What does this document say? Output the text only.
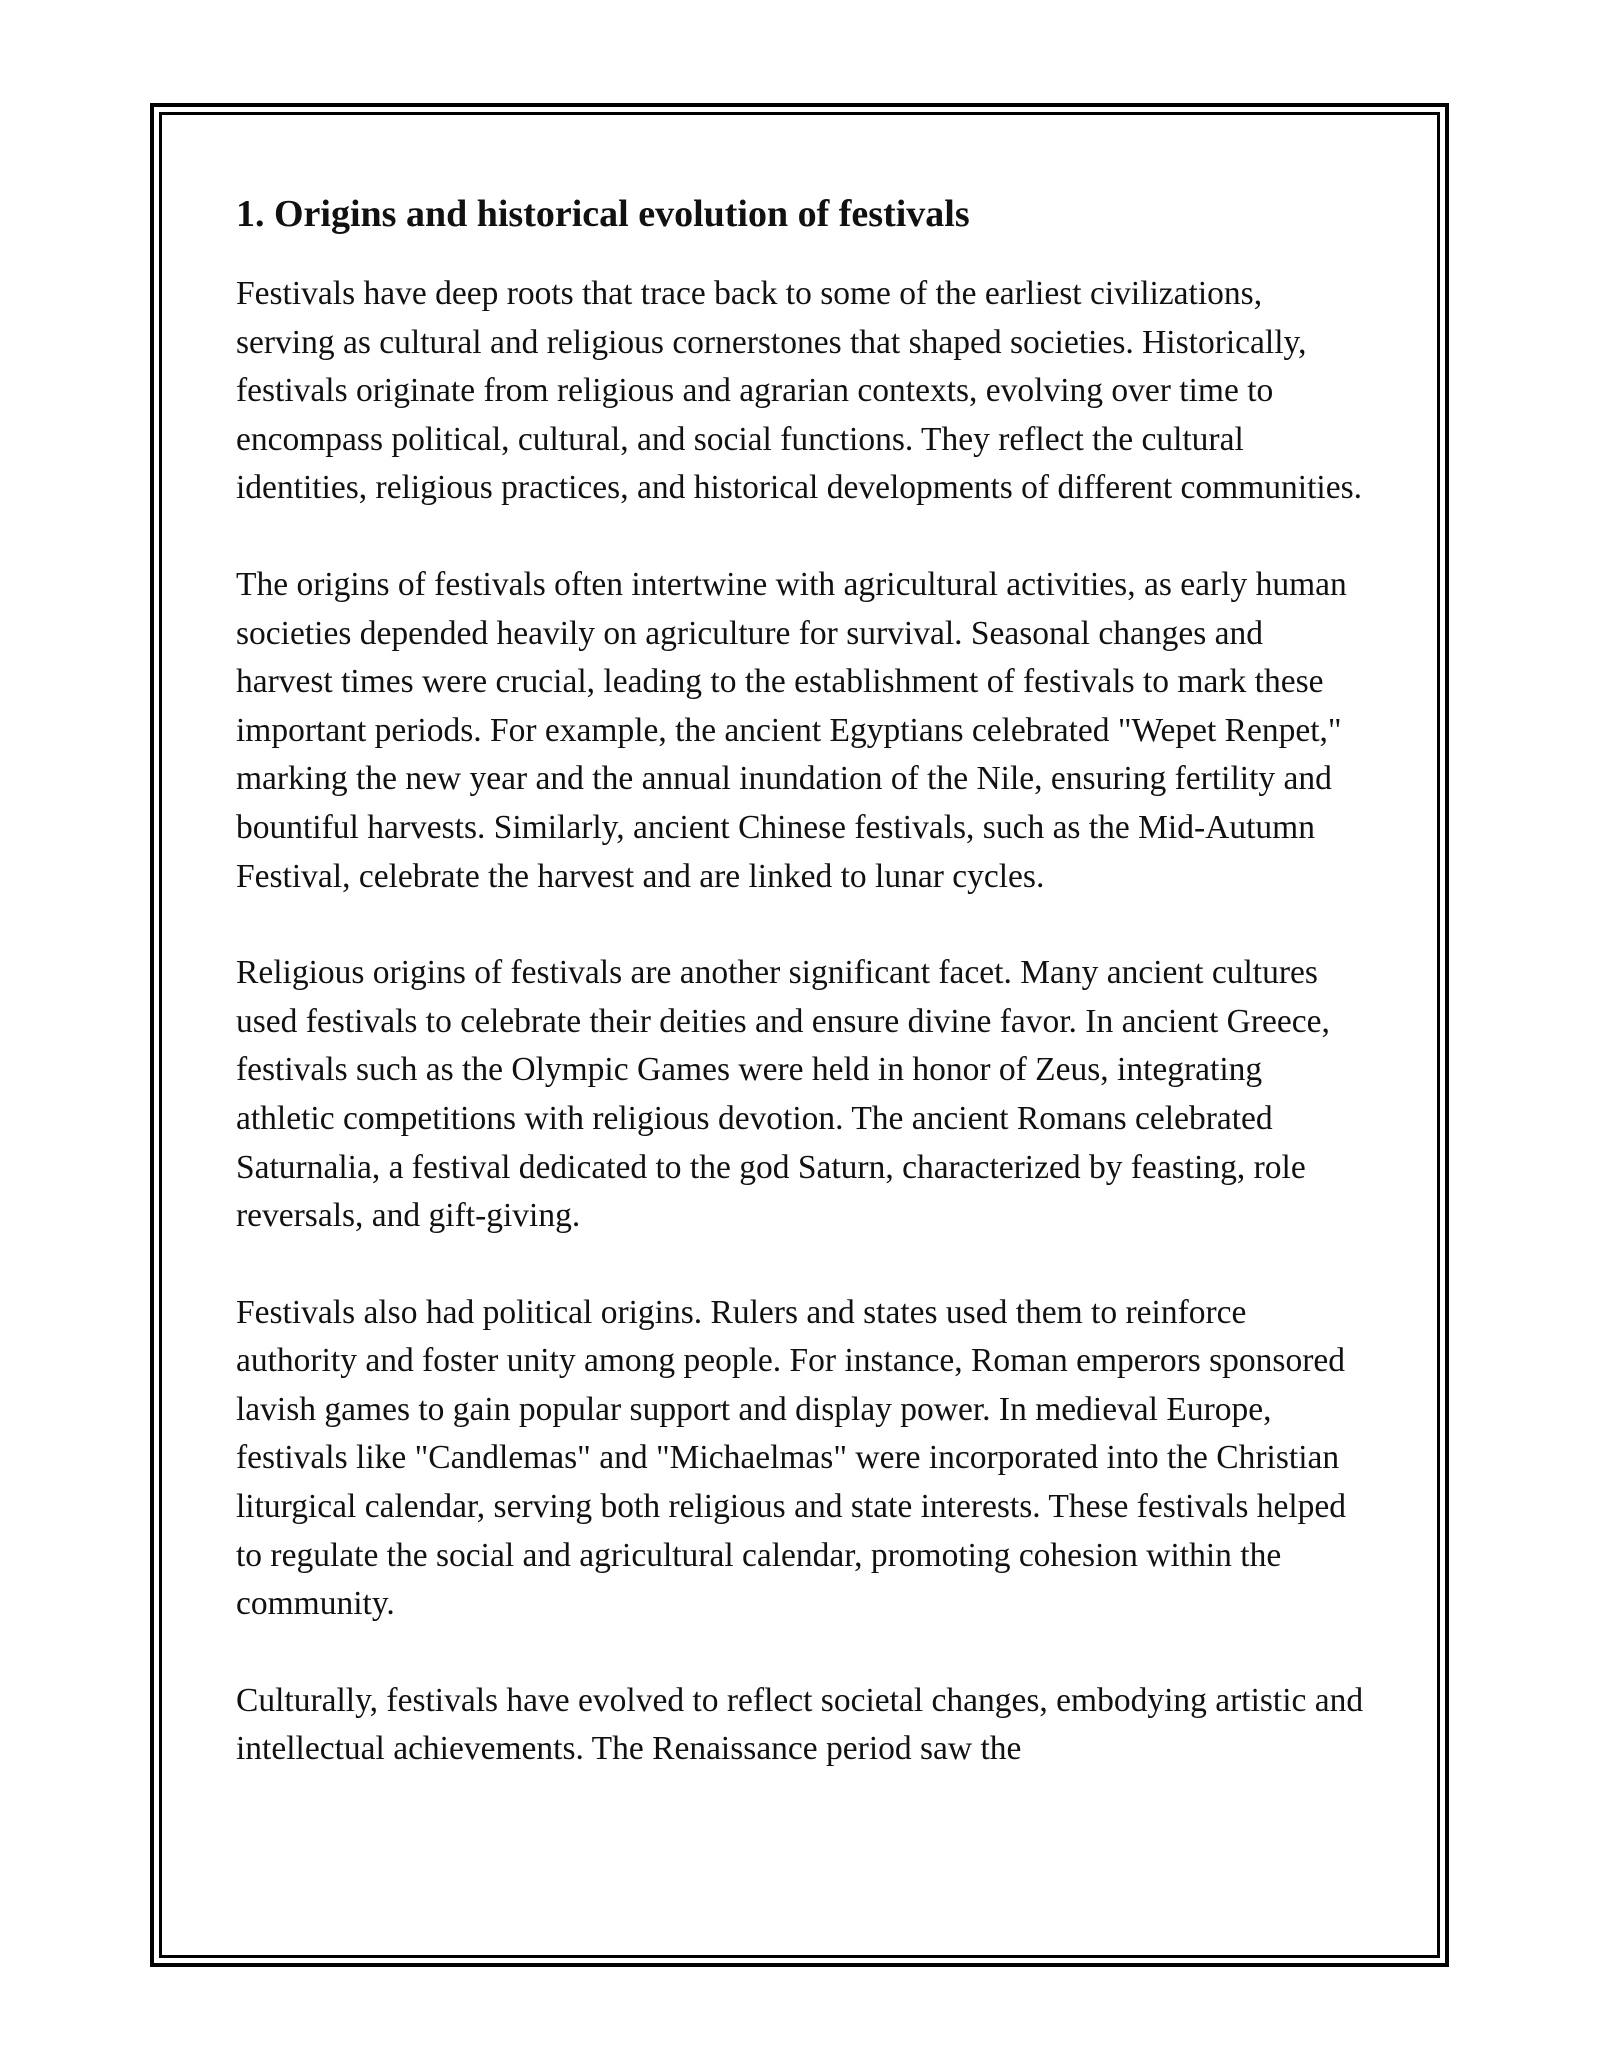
1. Origins and historical evolution of festivals

Festivals have deep roots that trace back to some of the earliest civilizations, serving as cultural and religious cornerstones that shaped societies. Historically, festivals originate from religious and agrarian contexts, evolving over time to encompass political, cultural, and social functions. They reflect the cultural identities, religious practices, and historical developments of different communities.

The origins of festivals often intertwine with agricultural activities, as early human societies depended heavily on agriculture for survival. Seasonal changes and harvest times were crucial, leading to the establishment of festivals to mark these important periods. For example, the ancient Egyptians celebrated "Wepet Renpet," marking the new year and the annual inundation of the Nile, ensuring fertility and bountiful harvests. Similarly, ancient Chinese festivals, such as the Mid-Autumn Festival, celebrate the harvest and are linked to lunar cycles.

Religious origins of festivals are another significant facet. Many ancient cultures used festivals to celebrate their deities and ensure divine favor. In ancient Greece, festivals such as the Olympic Games were held in honor of Zeus, integrating athletic competitions with religious devotion. The ancient Romans celebrated Saturnalia, a festival dedicated to the god Saturn, characterized by feasting, role reversals, and gift-giving.

Festivals also had political origins. Rulers and states used them to reinforce authority and foster unity among people. For instance, Roman emperors sponsored lavish games to gain popular support and display power. In medieval Europe, festivals like "Candlemas" and "Michaelmas" were incorporated into the Christian liturgical calendar, serving both religious and state interests. These festivals helped to regulate the social and agricultural calendar, promoting cohesion within the community.

Culturally, festivals have evolved to reflect societal changes, embodying artistic and intellectual achievements. The Renaissance period saw the
